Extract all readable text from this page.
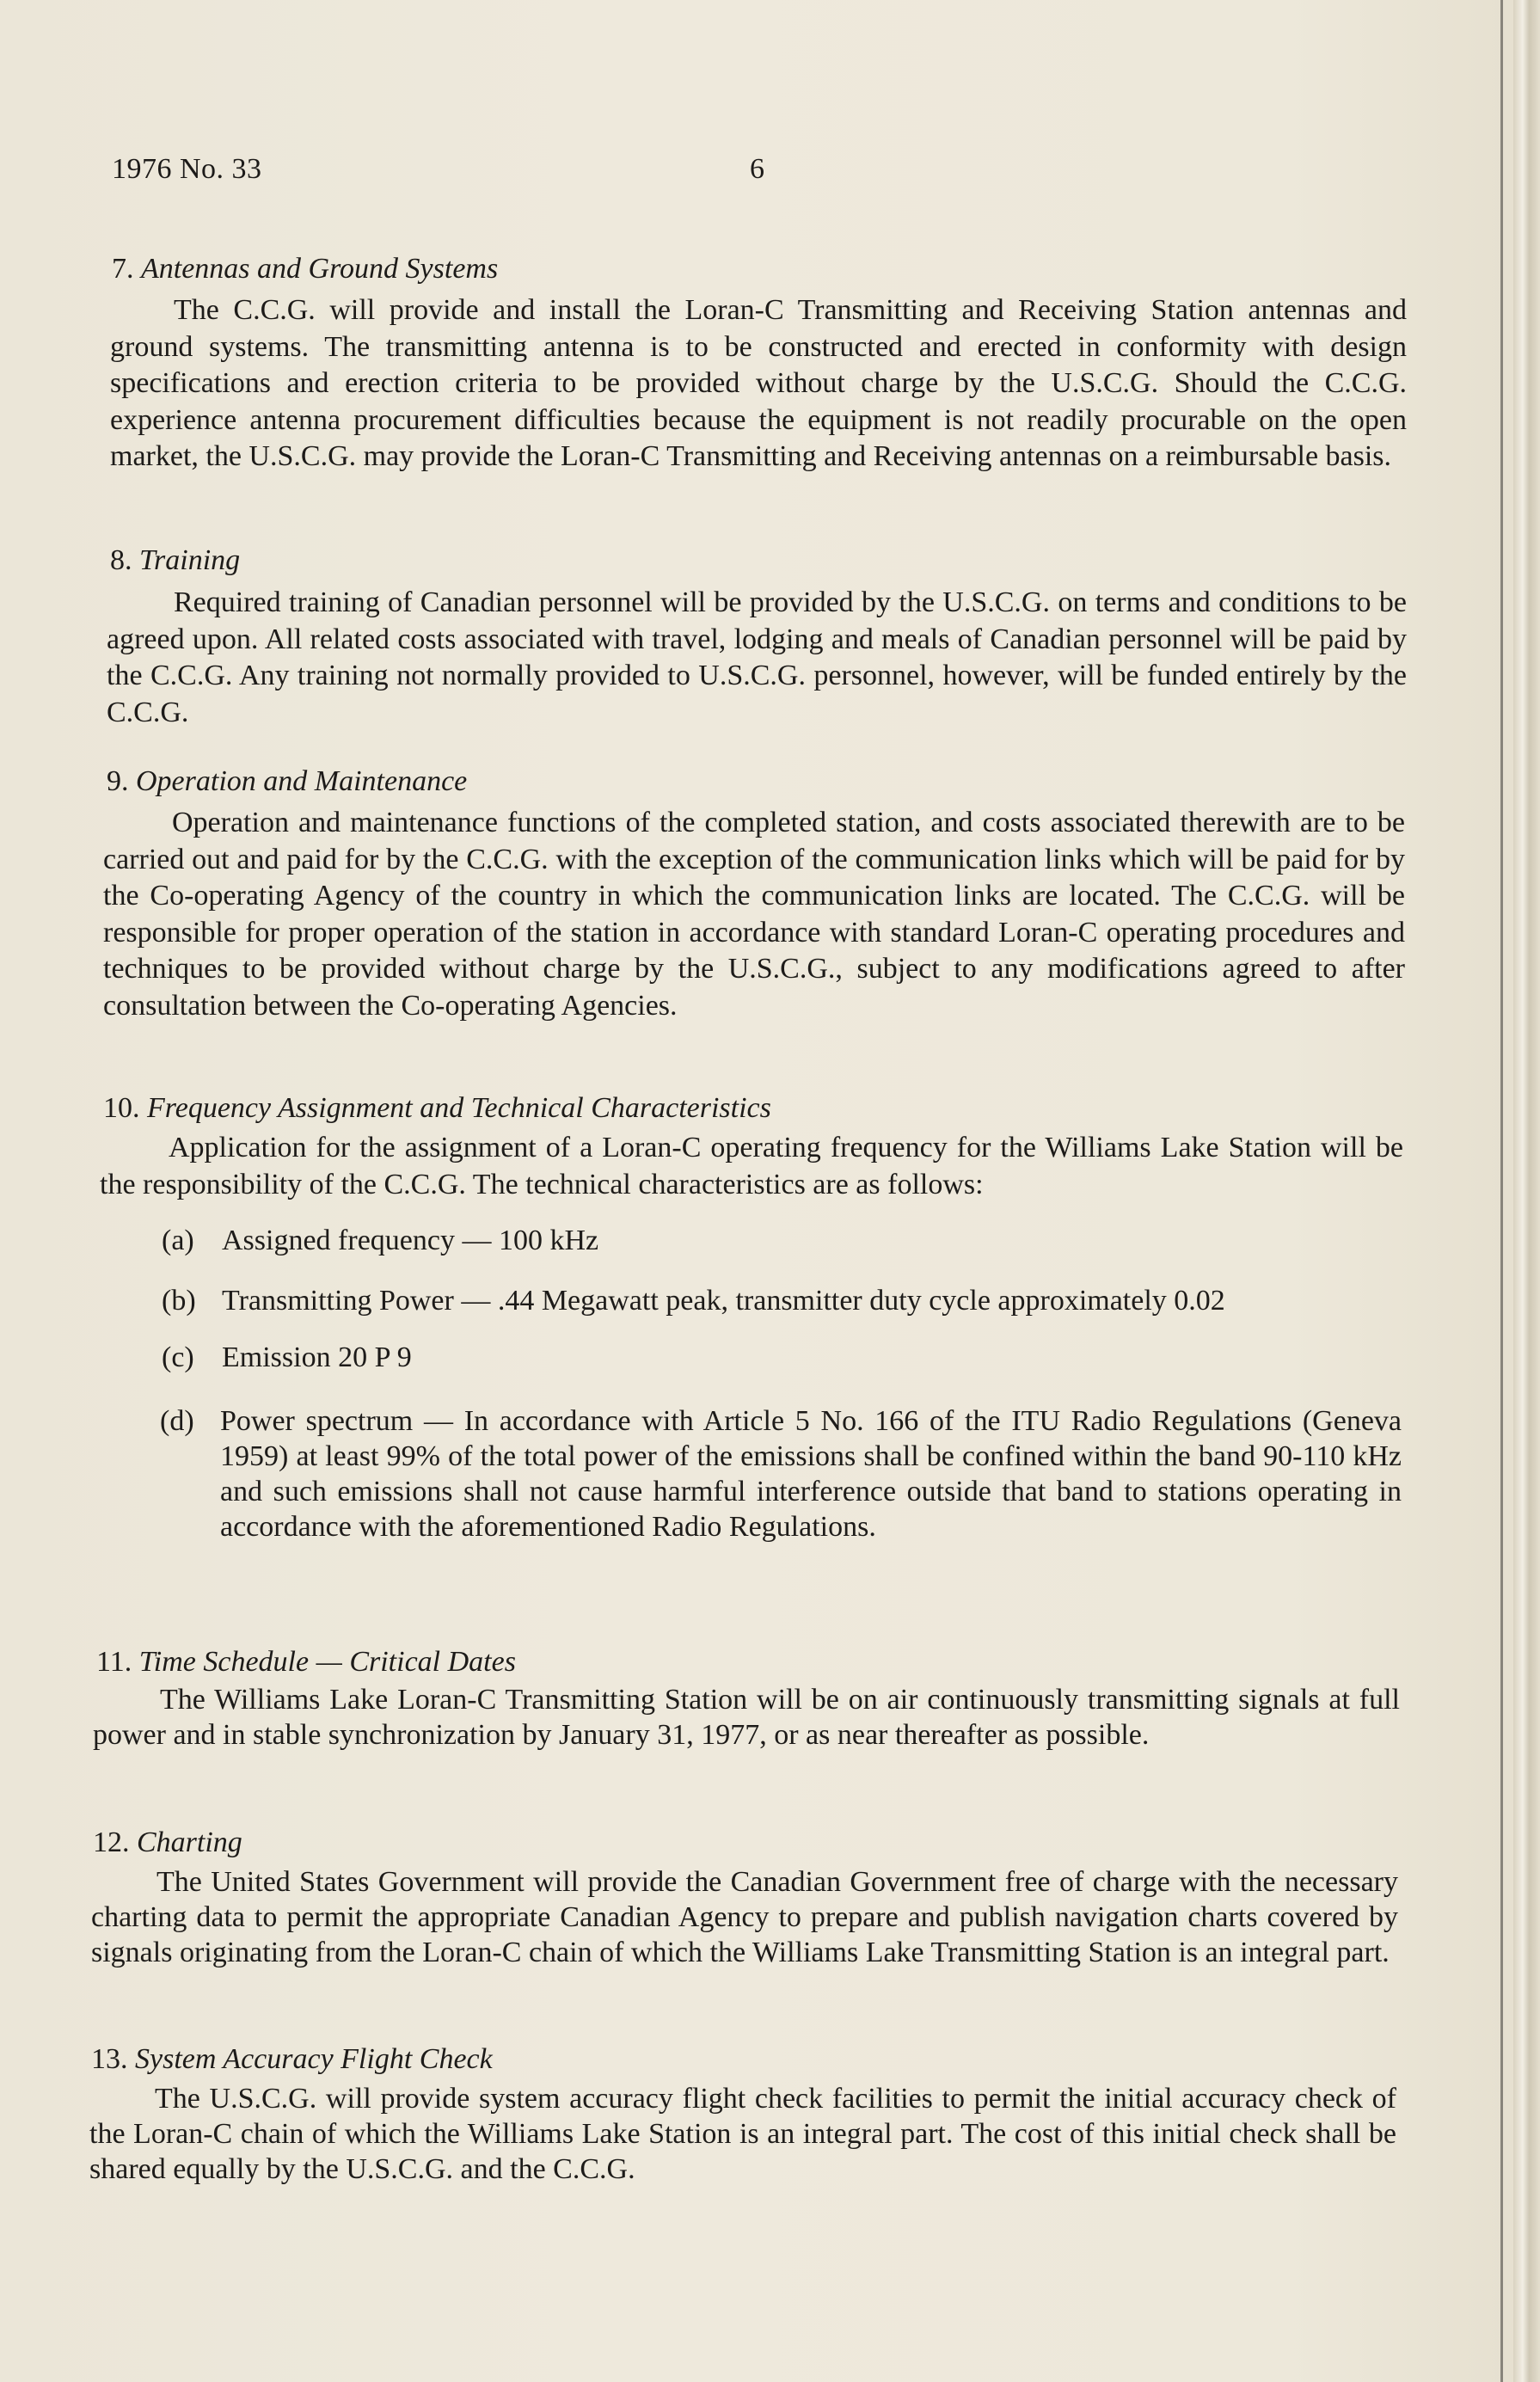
1976 No. 33	6
7. Antennas and Ground Systems
The C.C.G. will provide and install the Loran-C Transmitting and Receiving Station antennas and ground systems. The transmitting antenna is to be constructed and erected in conformity with design specifications and erection criteria to be provided without charge by the U.S.C.G. Should the C.C.G. experience antenna procurement difficulties because the equipment is not readily procurable on the open market, the U.S.C.G. may provide the Loran-C Transmitting and Receiving antennas on a reimbursable basis.
8. Training
Required training of Canadian personnel will be provided by the U.S.C.G. on terms and conditions to be agreed upon. All related costs associated with travel, lodging and meals of Canadian personnel will be paid by the C.C.G. Any training not normally provided to U.S.C.G. personnel, however, will be funded entirely by the C.C.G.
9. Operation and Maintenance
Operation and maintenance functions of the completed station, and costs associated therewith are to be carried out and paid for by the C.C.G. with the exception of the communication links which will be paid for by the Co-operating Agency of the country in which the communication links are located. The C.C.G. will be responsible for proper operation of the station in accordance with standard Loran-C operating procedures and techniques to be provided without charge by the U.S.C.G., subject to any modifications agreed to after consultation between the Co-operating Agencies.
10. Frequency Assignment and Technical Characteristics
Application for the assignment of a Loran-C operating frequency for the Williams Lake Station will be the responsibility of the C.C.G. The technical characteristics are as follows:
(a) Assigned frequency — 100 kHz
(b) Transmitting Power — .44 Megawatt peak, transmitter duty cycle approximately 0.02
(c) Emission 20 P 9
(d) Power spectrum — In accordance with Article 5 No. 166 of the ITU Radio Regulations (Geneva 1959) at least 99% of the total power of the emissions shall be confined within the band 90-110 kHz and such emissions shall not cause harmful interference outside that band to stations operating in accordance with the aforementioned Radio Regulations.
11. Time Schedule — Critical Dates
The Williams Lake Loran-C Transmitting Station will be on air continuously transmitting signals at full power and in stable synchronization by January 31, 1977, or as near thereafter as possible.
12. Charting
The United States Government will provide the Canadian Government free of charge with the necessary charting data to permit the appropriate Canadian Agency to prepare and publish navigation charts covered by signals originating from the Loran-C chain of which the Williams Lake Transmitting Station is an integral part.
13. System Accuracy Flight Check
The U.S.C.G. will provide system accuracy flight check facilities to permit the initial accuracy check of the Loran-C chain of which the Williams Lake Station is an integral part. The cost of this initial check shall be shared equally by the U.S.C.G. and the C.C.G.
